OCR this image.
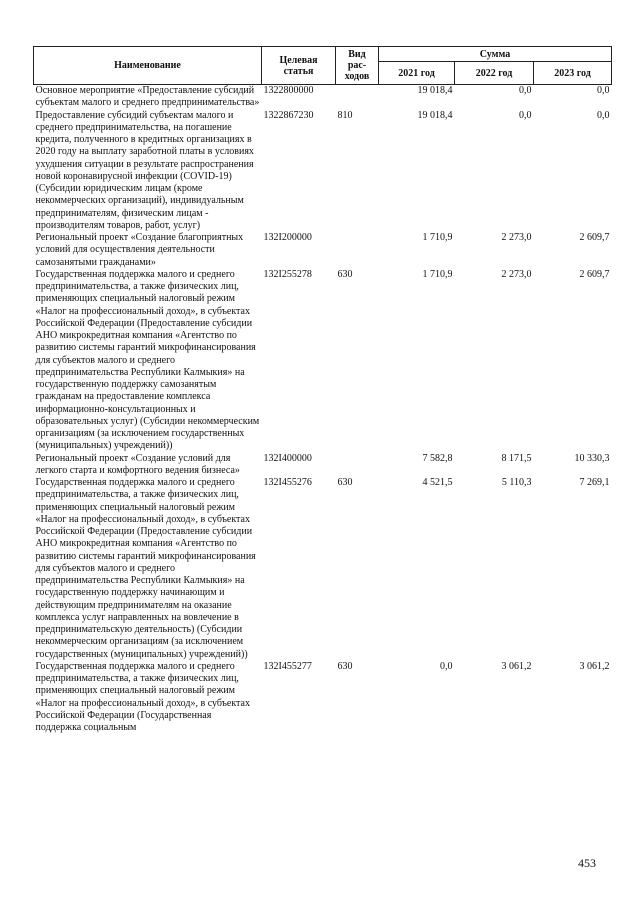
Наименование	Целевая статья	Вид рас-ходов	Сумма		
			2021 год	2022 год	2023 год
Основное мероприятие «Предоставление субсидий субъектам малого и среднего предпринимательства»	1322800000		19 018,4	0,0	0,0
Предоставление субсидий субъектам малого и среднего предпринимательства, на погашение кредита, полученного в кредитных организациях в 2020 году на выплату заработной платы в условиях ухудшения ситуации в результате распространения новой коронавирусной инфекции (COVID-19) (Субсидии юридическим лицам (кроме некоммерческих организаций), индивидуальным предпринимателям, физическим лицам - производителям товаров, работ, услуг)	1322867230	810	19 018,4	0,0	0,0
Региональный проект «Создание благоприятных условий для осуществления деятельности самозанятыми гражданами»	132I200000		1 710,9	2 273,0	2 609,7
Государственная поддержка малого и среднего предпринимательства, а также физических лиц, применяющих специальный налоговый режим «Налог на профессиональный доход», в субъектах Российской Федерации (Предоставление субсидии АНО микрокредитная компания «Агентство по развитию системы гарантий микрофинансирования для субъектов малого и среднего предпринимательства Республики Калмыкия» на государственную поддержку самозанятым гражданам на предоставление комплекса информационно-консультационных и образовательных услуг) (Субсидии некоммерческим организациям (за исключением государственных (муниципальных) учреждений))	132I255278	630	1 710,9	2 273,0	2 609,7
Региональный проект «Создание условий для легкого старта и комфортного ведения бизнеса»	132I400000		7 582,8	8 171,5	10 330,3
Государственная поддержка малого и среднего предпринимательства, а также физических лиц, применяющих специальный налоговый режим «Налог на профессиональный доход», в субъектах Российской Федерации (Предоставление субсидии АНО микрокредитная компания «Агентство по развитию системы гарантий микрофинансирования для субъектов малого и среднего предпринимательства Республики Калмыкия» на государственную поддержку начинающим и действующим предпринимателям на оказание комплекса услуг направленных на вовлечение в предпринимательскую деятельность) (Субсидии некоммерческим организациям (за исключением государственных (муниципальных) учреждений))	132I455276	630	4 521,5	5 110,3	7 269,1
Государственная поддержка малого и среднего предпринимательства, а также физических лиц, применяющих специальный налоговый режим «Налог на профессиональный доход», в субъектах Российской Федерации (Государственная поддержка социальным	132I455277	630	0,0	3 061,2	3 061,2
453
